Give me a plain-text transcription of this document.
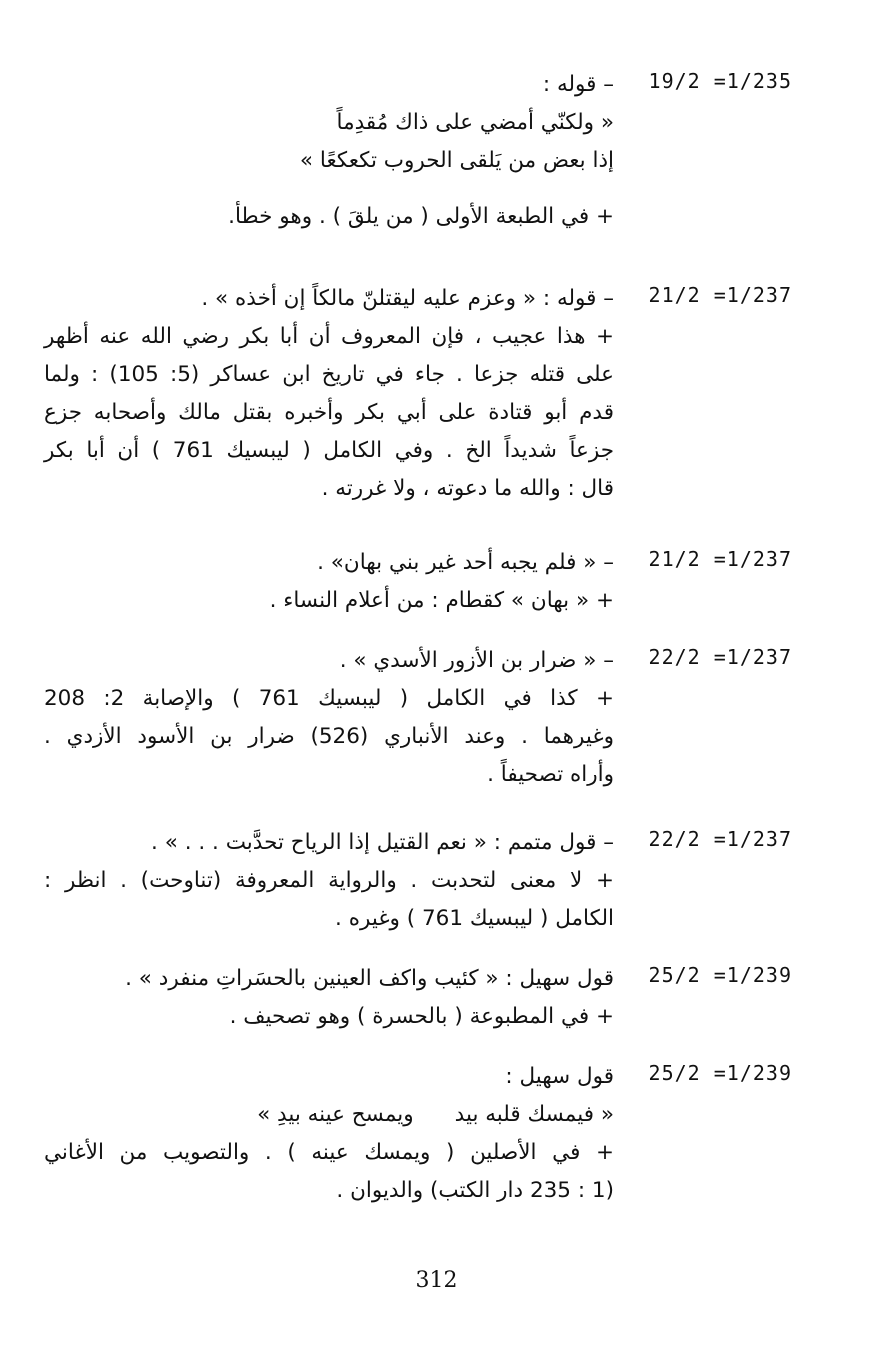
19/2 =1/235
– قوله :
« ولكنّي أمضي على ذاك مُقدِماً
إذا بعض من يَلقى الحروب تكعكعًا »
+ في الطبعة الأولى ( من يلقَ ) . وهو خطأ.
21/2 =1/237
– قوله : « وعزم عليه ليقتلنّ مالكاً إن أخذه » .
+ هذا عجيب ، فإن المعروف أن أبا بكر رضي الله عنه أظهر
على قتله جزعا . جاء في تاريخ ابن عساكر (5: 105) : ولما
قدم أبو قتادة على أبي بكر وأخبره بقتل مالك وأصحابه جزع
جزعاً شديداً الخ . وفي الكامل ( ليبسيك 761 ) أن أبا بكر
قال : والله ما دعوته ، ولا غررته .
21/2 =1/237
– « فلم يجبه أحد غير بني بهان» .
+ « بهان » كقطام : من أعلام النساء .
22/2 =1/237
– « ضرار بن الأزور الأسدي » .
+ كذا في الكامل ( ليبسيك 761 ) والإصابة 2: 208
وغيرهما . وعند الأنباري (526) ضرار بن الأسود الأزدي .
وأراه تصحيفاً .
22/2 =1/237
– قول متمم : « نعم القتيل إذا الرياح تحدَّبت . . . » .
+ لا معنى لتحدبت . والرواية المعروفة (تناوحت) . انظر :
الكامل ( ليبسيك 761 ) وغيره .
25/2 =1/239
قول سهيل : « كئيب واكف العينين بالحسَراتِ منفرد » .
+ في المطبوعة ( بالحسرة ) وهو تصحيف .
25/2 =1/239
قول سهيل :
« فيمسك قلبه بيد      ويمسح عينه بيدِ »
+ في الأصلين ( ويمسك عينه ) . والتصويب من الأغاني
(1 : 235 دار الكتب) والديوان .
312
